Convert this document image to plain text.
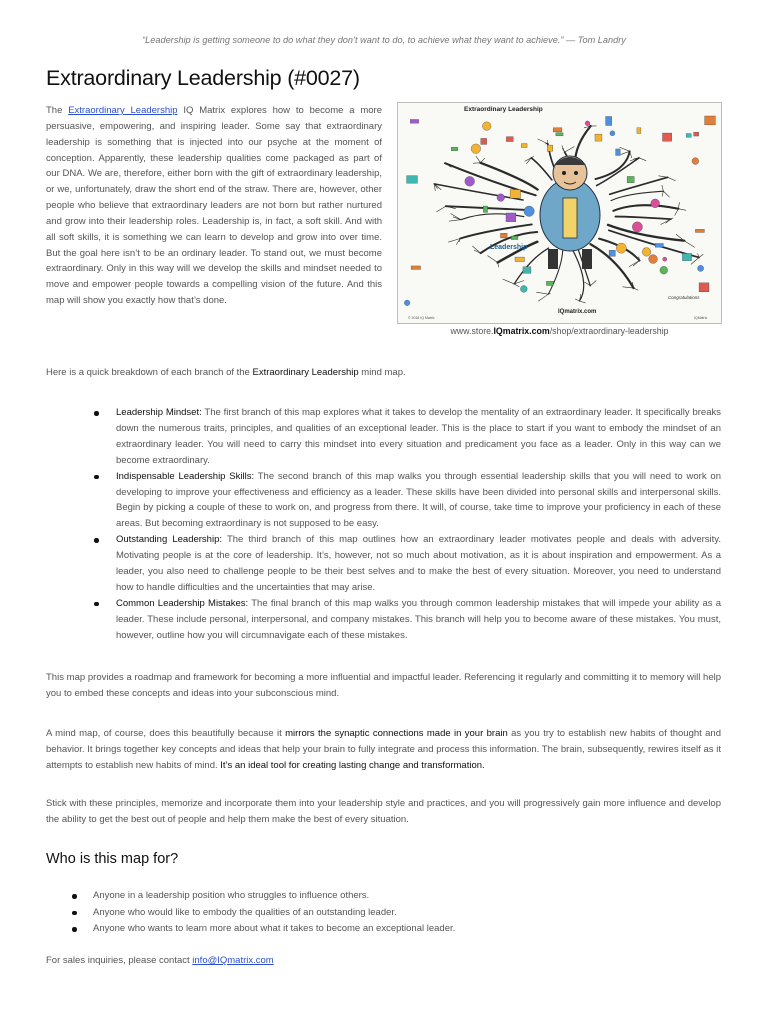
“Leadership is getting someone to do what they don’t want to do, to achieve what they want to achieve.” — Tom Landry
Extraordinary Leadership (#0027)

The Extraordinary Leadership IQ Matrix explores how to become a more persuasive, empowering, and inspiring leader. Some say that extraordinary leadership is something that is injected into our psyche at the moment of conception. Apparently, these leadership qualities come packaged as part of our DNA. We are, therefore, either born with the gift of extraordinary leadership, or we, unfortunately, draw the short end of the straw. There are, however, other people who believe that extraordinary leaders are not born but rather nurtured and grow into their leadership roles. Leadership is, in fact, a soft skill. And with all soft skills, it is something we can learn to develop and grow into over time. But the goal here isn’t to be an ordinary leader. To stand out, we must become extraordinary. Only in this way will we develop the skills and mindset needed to move and empower people towards a compelling vision of the future. And this map will show you exactly how that’s done.

Extraordinary Leadership
Leadership
IQmatrix.com
Congratulations
© 2018 IQ Matrix	IQMatrix
www.store.IQmatrix.com/shop/extraordinary-leadership

Here is a quick breakdown of each branch of the Extraordinary Leadership mind map.

Leadership Mindset: The first branch of this map explores what it takes to develop the mentality of an extraordinary leader. It specifically breaks down the numerous traits, principles, and qualities of an exceptional leader. This is the place to start if you want to embody the mindset of an extraordinary leader. You will need to carry this mindset into every situation and predicament you face as a leader. Only in this way can we become extraordinary.
Indispensable Leadership Skills: The second branch of this map walks you through essential leadership skills that you will need to work on developing to improve your effectiveness and efficiency as a leader. These skills have been divided into personal skills and interpersonal skills. Begin by picking a couple of these to work on, and progress from there. It will, of course, take time to improve your proficiency in each of these areas. But becoming extraordinary is not supposed to be easy.
Outstanding Leadership: The third branch of this map outlines how an extraordinary leader motivates people and deals with adversity. Motivating people is at the core of leadership. It’s, however, not so much about motivation, as it is about inspiration and empowerment. As a leader, you also need to challenge people to be their best selves and to make the best of every situation. Moreover, you need to understand how to handle difficulties and the uncertainties that may arise.
Common Leadership Mistakes: The final branch of this map walks you through common leadership mistakes that will impede your ability as a leader. These include personal, interpersonal, and company mistakes. This branch will help you to become aware of these mistakes. You must, however, outline how you will circumnavigate each of these mistakes.

This map provides a roadmap and framework for becoming a more influential and impactful leader. Referencing it regularly and committing it to memory will help you to embed these concepts and ideas into your subconscious mind.

A mind map, of course, does this beautifully because it mirrors the synaptic connections made in your brain as you try to establish new habits of thought and behavior. It brings together key concepts and ideas that help your brain to fully integrate and process this information. The brain, subsequently, rewires itself as it attempts to establish new habits of mind. It’s an ideal tool for creating lasting change and transformation.

Stick with these principles, memorize and incorporate them into your leadership style and practices, and you will progressively gain more influence and develop the ability to get the best out of people and help them make the best of every situation.

Who is this map for?
Anyone in a leadership position who struggles to influence others.
Anyone who would like to embody the qualities of an outstanding leader.
Anyone who wants to learn more about what it takes to become an exceptional leader.

For sales inquiries, please contact info@IQmatrix.com
